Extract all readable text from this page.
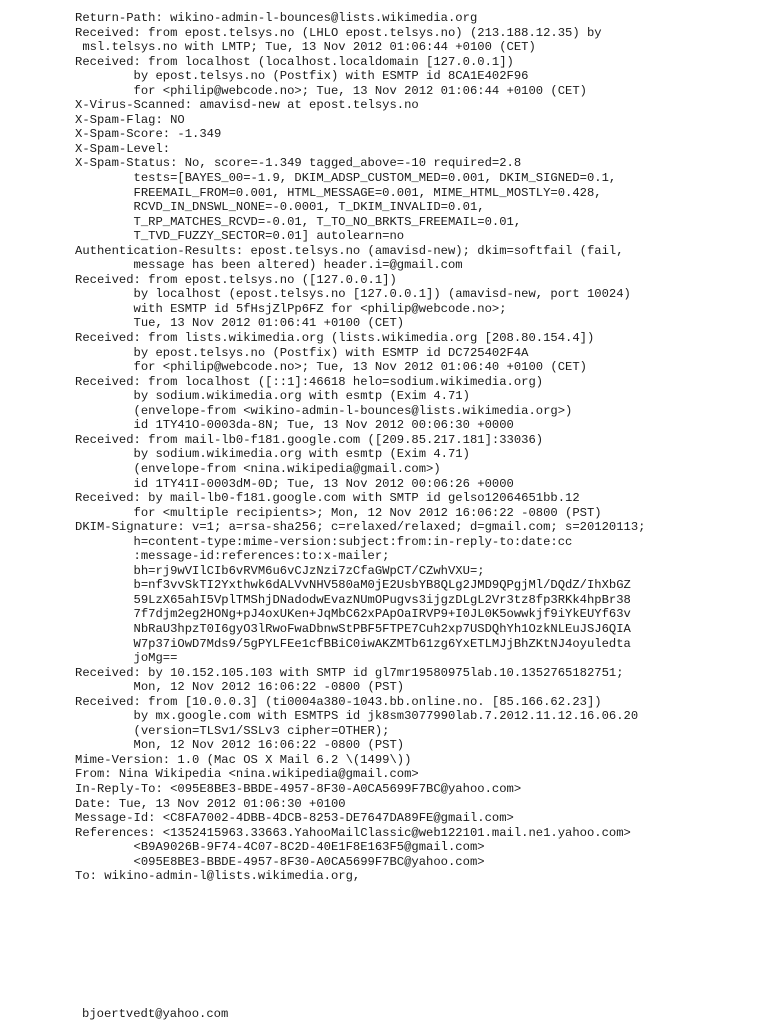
Return-Path: wikino-admin-l-bounces@lists.wikimedia.org
Received: from epost.telsys.no (LHLO epost.telsys.no) (213.188.12.35) by
msl.telsys.no with LMTP; Tue, 13 Nov 2012 01:06:44 +0100 (CET)
Received: from localhost (localhost.localdomain [127.0.0.1])
by epost.telsys.no (Postfix) with ESMTP id 8CA1E402F96
for <philip@webcode.no>; Tue, 13 Nov 2012 01:06:44 +0100 (CET)
X-Virus-Scanned: amavisd-new at epost.telsys.no
X-Spam-Flag: NO
X-Spam-Score: -1.349
X-Spam-Level:
X-Spam-Status: No, score=-1.349 tagged_above=-10 required=2.8
tests=[BAYES_00=-1.9, DKIM_ADSP_CUSTOM_MED=0.001, DKIM_SIGNED=0.1,
FREEMAIL_FROM=0.001, HTML_MESSAGE=0.001, MIME_HTML_MOSTLY=0.428,
RCVD_IN_DNSWL_NONE=-0.0001, T_DKIM_INVALID=0.01,
T_RP_MATCHES_RCVD=-0.01, T_TO_NO_BRKTS_FREEMAIL=0.01,
T_TVD_FUZZY_SECTOR=0.01] autolearn=no
Authentication-Results: epost.telsys.no (amavisd-new); dkim=softfail (fail,
message has been altered) header.i=@gmail.com
Received: from epost.telsys.no ([127.0.0.1])
by localhost (epost.telsys.no [127.0.0.1]) (amavisd-new, port 10024)
with ESMTP id 5fHsjZlPp6FZ for <philip@webcode.no>;
Tue, 13 Nov 2012 01:06:41 +0100 (CET)
Received: from lists.wikimedia.org (lists.wikimedia.org [208.80.154.4])
by epost.telsys.no (Postfix) with ESMTP id DC725402F4A
for <philip@webcode.no>; Tue, 13 Nov 2012 01:06:40 +0100 (CET)
Received: from localhost ([::1]:46618 helo=sodium.wikimedia.org)
by sodium.wikimedia.org with esmtp (Exim 4.71)
(envelope-from <wikino-admin-l-bounces@lists.wikimedia.org>)
id 1TY41O-0003da-8N; Tue, 13 Nov 2012 00:06:30 +0000
Received: from mail-lb0-f181.google.com ([209.85.217.181]:33036)
by sodium.wikimedia.org with esmtp (Exim 4.71)
(envelope-from <nina.wikipedia@gmail.com>)
id 1TY41I-0003dM-0D; Tue, 13 Nov 2012 00:06:26 +0000
Received: by mail-lb0-f181.google.com with SMTP id gelso12064651bb.12
for <multiple recipients>; Mon, 12 Nov 2012 16:06:22 -0800 (PST)
DKIM-Signature: v=1; a=rsa-sha256; c=relaxed/relaxed; d=gmail.com; s=20120113;
h=content-type:mime-version:subject:from:in-reply-to:date:cc
:message-id:references:to:x-mailer;
bh=rj9wVIlCIb6vRVM6u6vCJzNzi7zCfaGWpCT/CZwhVXU=;
b=nf3vvSkTI2Yxthwk6dALVvNHV580aM0jE2UsbYB8QLg2JMD9QPgjMl/DQdZ/IhXbGZ
59LzX65ahI5VplTMShjDNadodwEvazNUmOPugvs3ijgzDLgL2Vr3tz8fp3RKk4hpBr38
7f7djm2eg2HONg+pJ4oxUKen+JqMbC62xPApOaIRVP9+I0JL0K5owwkjf9iYkEUYf63v
NbRaU3hpzT0I6gyO3lRwoFwaDbnwStPBF5FTPE7Cuh2xp7USDQhYh1OzkNLEuJSJ6QIA
W7p37iOwD7Mds9/5gPYLFEe1cfBBiC0iwAKZMTb61zg6YxETLMJjBhZKtNJ4oyuledta
joMg==
Received: by 10.152.105.103 with SMTP id gl7mr19580975lab.10.1352765182751;
Mon, 12 Nov 2012 16:06:22 -0800 (PST)
Received: from [10.0.0.3] (ti0004a380-1043.bb.online.no. [85.166.62.23])
by mx.google.com with ESMTPS id jk8sm3077990lab.7.2012.11.12.16.06.20
(version=TLSv1/SSLv3 cipher=OTHER);
Mon, 12 Nov 2012 16:06:22 -0800 (PST)
Mime-Version: 1.0 (Mac OS X Mail 6.2 \(1499\))
From: Nina Wikipedia <nina.wikipedia@gmail.com>
In-Reply-To: <095E8BE3-BBDE-4957-8F30-A0CA5699F7BC@yahoo.com>
Date: Tue, 13 Nov 2012 01:06:30 +0100
Message-Id: <C8FA7002-4DBB-4DCB-8253-DE7647DA89FE@gmail.com>
References: <1352415963.33663.YahooMailClassic@web122101.mail.ne1.yahoo.com>
<B9A9026B-9F74-4C07-8C2D-40E1F8E163F5@gmail.com>
<095E8BE3-BBDE-4957-8F30-A0CA5699F7BC@yahoo.com>
To: wikino-admin-l@lists.wikimedia.org,
bjoertvedt@yahoo.com
